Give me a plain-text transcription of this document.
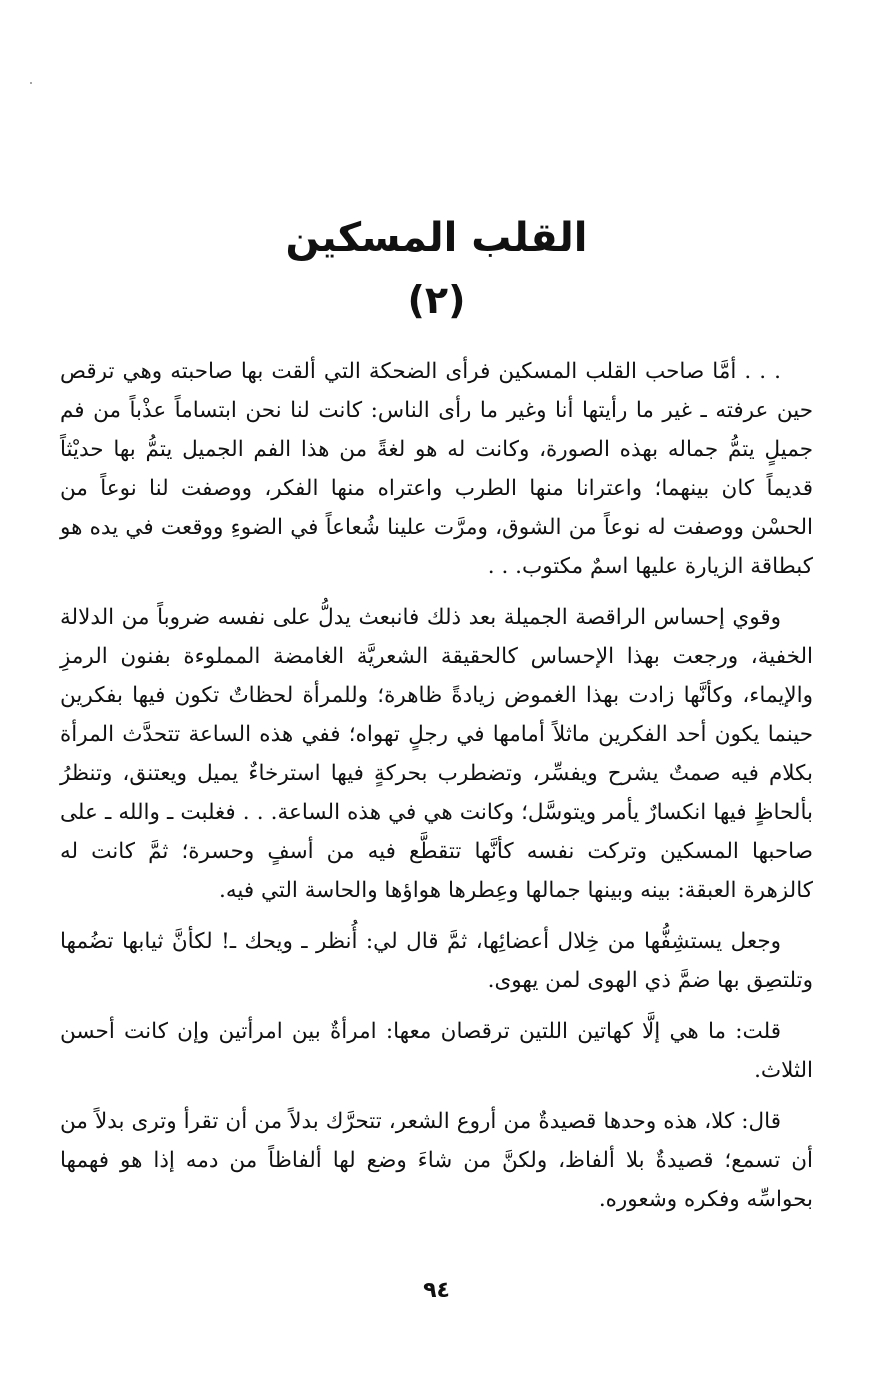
القلب المسكين
(٢)

. . . أمَّا صاحب القلب المسكين فرأى الضحكة التي ألقت بها صاحبته وهي ترقص حين عرفته ـ غير ما رأيتها أنا وغير ما رأى الناس: كانت لنا نحن ابتساماً عذْباً من فم جميلٍ يتمُّ جماله بهذه الصورة، وكانت له هو لغةً من هذا الفم الجميل يتمُّ بها حديْثاً قديماً كان بينهما؛ واعترانا منها الطرب واعتراه منها الفكر، ووصفت لنا نوعاً من الحسْن ووصفت له نوعاً من الشوق، ومرَّت علينا شُعاعاً في الضوءِ ووقعت في يده هو كبطاقة الزيارة عليها اسمٌ مكتوب. . .

وقوي إحساس الراقصة الجميلة بعد ذلك فانبعث يدلُّ على نفسه ضروباً من الدلالة الخفية، ورجعت بهذا الإحساس كالحقيقة الشعريَّة الغامضة المملوءة بفنون الرمزِ والإيماء، وكأنَّها زادت بهذا الغموض زيادةً ظاهرة؛ وللمرأة لحظاتٌ تكون فيها بفكرين حينما يكون أحد الفكرين ماثلاً أمامها في رجلٍ تهواه؛ ففي هذه الساعة تتحدَّث المرأة بكلام فيه صمتٌ يشرح ويفسِّر، وتضطرب بحركةٍ فيها استرخاءٌ يميل ويعتنق، وتنظرُ بألحاظٍ فيها انكسارٌ يأمر ويتوسَّل؛ وكانت هي في هذه الساعة. . . فغلبت ـ والله ـ على صاحبها المسكين وتركت نفسه كأنَّها تتقطَّع فيه من أسفٍ وحسرة؛ ثمَّ كانت له كالزهرة العبقة: بينه وبينها جمالها وعِطرها هواؤها والحاسة التي فيه.

وجعل يستشِفُّها من خِلال أعضائِها، ثمَّ قال لي: أُنظر ـ ويحك ـ! لكأنَّ ثيابها تضُمها وتلتصِق بها ضمَّ ذي الهوى لمن يهوى.

قلت: ما هي إلَّا كهاتين اللتين ترقصان معها: امرأةٌ بين امرأتين وإن كانت أحسن الثلاث.

قال: كلا، هذه وحدها قصيدةٌ من أروع الشعر، تتحرَّك بدلاً من أن تقرأ وترى بدلاً من أن تسمع؛ قصيدةٌ بلا ألفاظ، ولكنَّ من شاءَ وضع لها ألفاظاً من دمه إذا هو فهمها بحواسِّه وفكره وشعوره.

٩٤
